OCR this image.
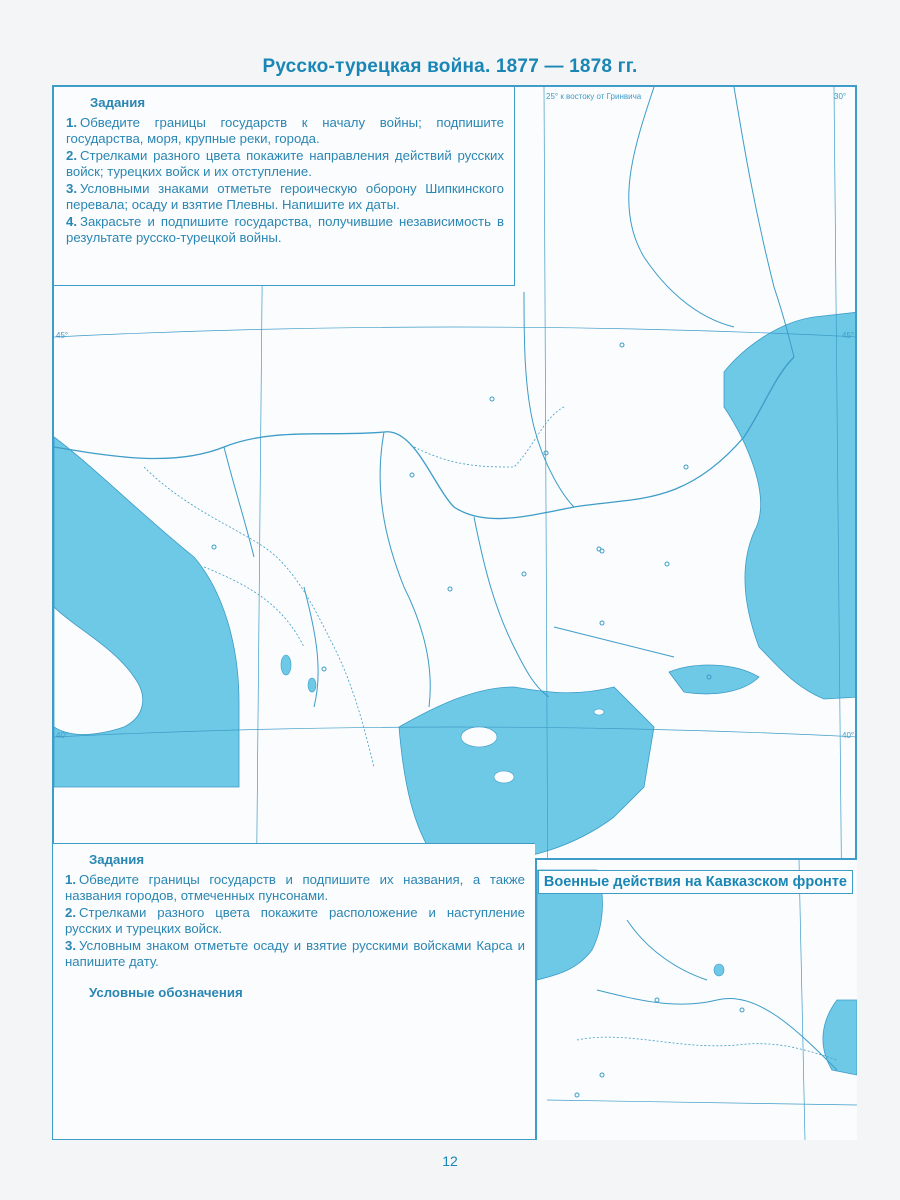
Русско-турецкая война. 1877 — 1878 гг.
25° к востоку от Гринвича	30°
45°	45°
40°	40°
Задания
1. Обведите границы государств к началу войны; подпишите государства, моря, крупные реки, города.
2. Стрелками разного цвета покажите направления действий русских войск; турецких войск и их отступление.
3. Условными знаками отметьте героическую оборону Шипкинского перевала; осаду и взятие Плевны. Напишите их даты.
4. Закрасьте и подпишите государства, получившие независимость в результате русско-турецкой войны.
Задания
1. Обведите границы государств и подпишите их названия, а также названия городов, отмеченных пунсонами.
2. Стрелками разного цвета покажите расположение и наступление русских и турецких войск.
3. Условным знаком отметьте осаду и взятие русскими войсками Карса и напишите дату.
Условные обозначения
Военные действия на Кавказском фронте
12
